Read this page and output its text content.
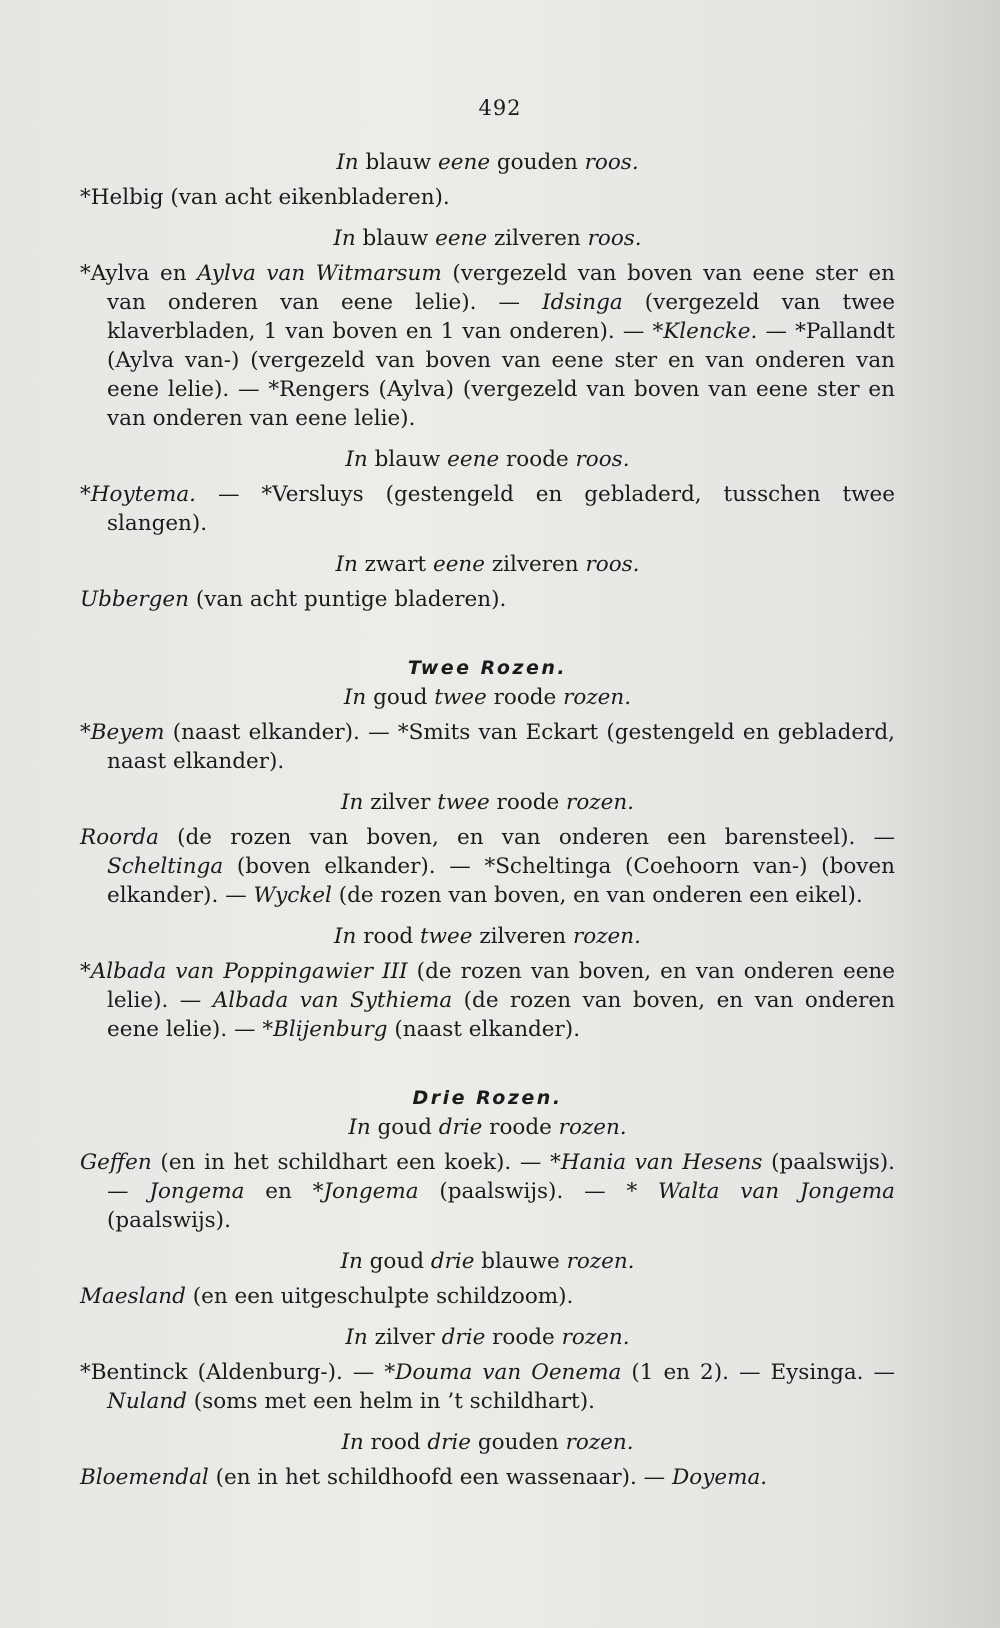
492

In blauw eene gouden roos.

*Helbig (van acht eikenbladeren).

In blauw eene zilveren roos.

*Aylva en Aylva van Witmarsum (vergezeld van boven van eene ster en van onderen van eene lelie). — Idsinga (vergezeld van twee klaverbladen, 1 van boven en 1 van onderen). — *Klencke. — *Pallandt (Aylva van-) (vergezeld van boven van eene ster en van onderen van eene lelie). — *Rengers (Aylva) (vergezeld van boven van eene ster en van onderen van eene lelie).

In blauw eene roode roos.

*Hoytema. — *Versluys (gestengeld en gebladerd, tusschen twee slangen).

In zwart eene zilveren roos.

Ubbergen (van acht puntige bladeren).

Twee Rozen.

In goud twee roode rozen.

*Beyem (naast elkander). — *Smits van Eckart (gestengeld en gebladerd, naast elkander).

In zilver twee roode rozen.

Roorda (de rozen van boven, en van onderen een barensteel). — Scheltinga (boven elkander). — *Scheltinga (Coehoorn van-) (boven elkander). — Wyckel (de rozen van boven, en van onderen een eikel).

In rood twee zilveren rozen.

*Albada van Poppingawier III (de rozen van boven, en van onderen eene lelie). — Albada van Sythiema (de rozen van boven, en van onderen eene lelie). — *Blijenburg (naast elkander).

Drie Rozen.

In goud drie roode rozen.

Geffen (en in het schildhart een koek). — *Hania van Hesens (paalswijs). — Jongema en *Jongema (paalswijs). — * Walta van Jongema (paalswijs).

In goud drie blauwe rozen.

Maesland (en een uitgeschulpte schildzoom).

In zilver drie roode rozen.

*Bentinck (Aldenburg-). — *Douma van Oenema (1 en 2). — Eysinga. — Nuland (soms met een helm in ’t schildhart).

In rood drie gouden rozen.

Bloemendal (en in het schildhoofd een wassenaar). — Doyema.
